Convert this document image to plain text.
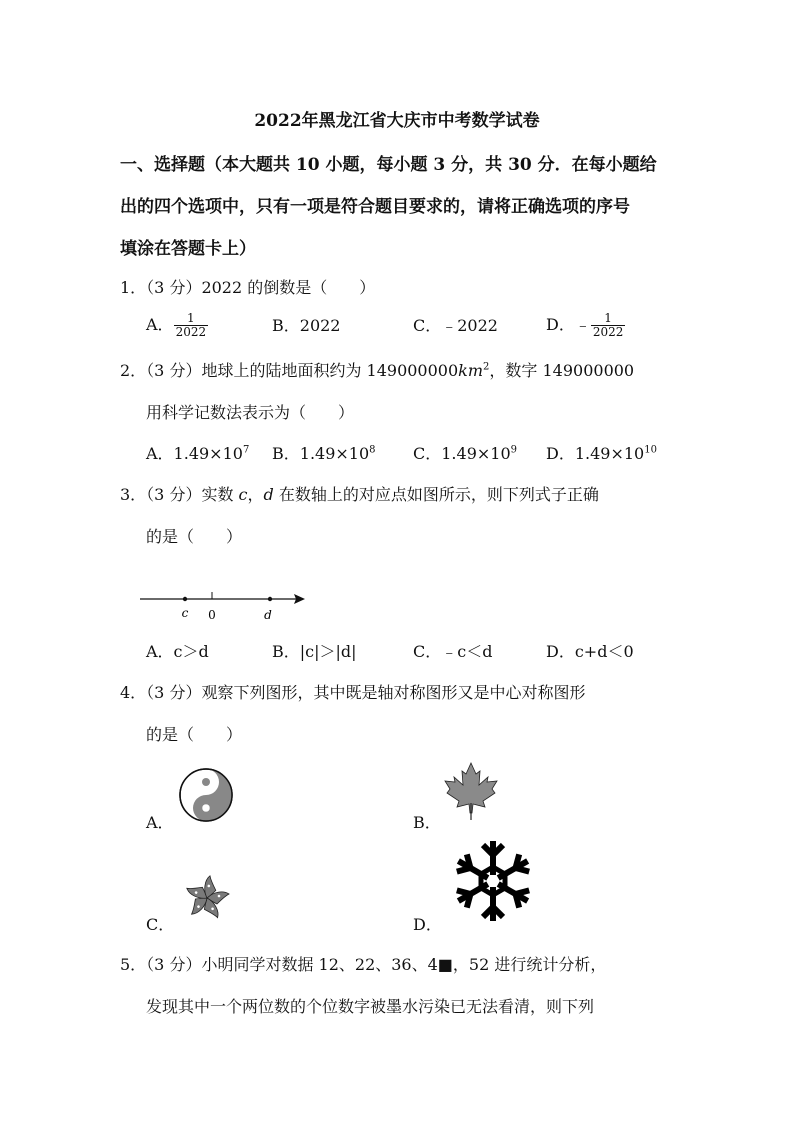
2022年黑龙江省大庆市中考数学试卷
一、选择题（本大题共 10 小题，每小题 3 分，共 30 分．在每小题给
出的四个选项中，只有一项是符合题目要求的，请将正确选项的序号
填涂在答题卡上）
1．（3 分）2022 的倒数是（　　）
A． $\frac{1}{2022}$	B．2022	C．﹣2022	D．﹣ $\frac{1}{2022}$
2．（3 分）地球上的陆地面积约为 $149000000km^2$，数字 149000000
用科学记数法表示为（　　）
A．$1.49\times 10^7$ B．$1.49\times 10^8$ C．$1.49\times 10^9$ D．$1.49\times 10^{10}$
3．（3 分）实数 c，d 在数轴上的对应点如图所示，则下列式子正确
的是（　　）
c 0	d
A．c＞d	B．|c|＞|d|	C．﹣c＜d	D．c+d＜0
4．（3 分）观察下列图形，其中既是轴对称图形又是中心对称图形
的是（　　）
A．	B．
C．	D．
5．（3 分）小明同学对数据 12、22、36、4■，52 进行统计分析，
发现其中一个两位数的个位数字被墨水污染已无法看清，则下列
